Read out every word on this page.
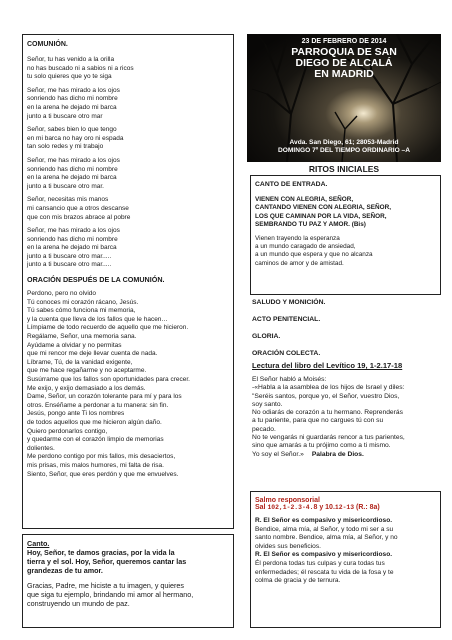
COMUNIÓN.
Señor, tu has venido a la orilla
no has buscado ni a sabios ni a ricos
tu solo quieres que yo te siga
Señor, me has mirado a los ojos
sonriendo has dicho mi nombre
en la arena he dejado mi barca
junto a ti buscare otro mar
Señor, sabes bien lo que tengo
en mi barca no hay oro ni espada
tan solo redes y mi trabajo
Señor, me has mirado a los ojos
sonriendo has dicho mi nombre
en la arena he dejado mi barca
junto a ti buscare otro mar.
Señor, necesitas mis manos
mi cansancio que a otros descanse
que con mis brazos abrace al pobre
Señor, me has mirado a los ojos
sonriendo has dicho mi nombre
en la arena he dejado mi barca
junto a ti buscare otro mar.....
junto a ti buscare otro mar.....
ORACIÓN DESPUÉS DE LA COMUNIÓN.
Perdono, pero no olvido
Tú conoces mi corazón rácano, Jesús.
Tú sabes cómo funciona mi memoria,
y la cuenta que lleva de los fallos que le hacen…
Límpiame de todo recuerdo de aquello que me hicieron.
Regálame, Señor, una memoria sana.
Ayúdame a olvidar y no permitas
que mi rencor me deje llevar cuenta de nada.
Líbrame, Tú, de la vanidad exigente,
que me hace regañarme y no aceptarme.
Susúrrame que los fallos son oportunidades para crecer.
Me exijo, y exijo demasiado a los demás.
Dame, Señor, un corazón tolerante para mí y para los
otros. Enséñame a perdonar a tu manera: sin fin.
Jesús, pongo ante Ti los nombres
de todos aquellos que me hicieron algún daño.
Quiero perdonarlos contigo,
y quedarme con el corazón limpio de memorias
dolientes.
Me perdono contigo por mis fallos, mis desaciertos,
mis prisas, mis malos humores, mi falta de risa.
Siento, Señor, que eres perdón y que me envuelves.
Canto.
Hoy, Señor, te damos gracias, por la vida la
tierra y el sol. Hoy, Señor, queremos cantar las
grandezas de tu amor.
Gracias, Padre, me hiciste a tu imagen, y quieres
que siga tu ejemplo, brindando mi amor al hermano,
construyendo un mundo de paz.
23 DE FEBRERO DE 2014
PARROQUIA DE SAN
DIEGO DE ALCALÁ
EN MADRID
Avda. San Diego, 61; 28053-Madrid
DOMINGO 7º DEL TIEMPO ORDINARIO –A
RITOS INICIALES
CANTO DE ENTRADA.
VIENEN CON ALEGRIA, SEÑOR,
CANTANDO VIENEN CON ALEGRIA, SEÑOR,
LOS QUE CAMINAN POR LA VIDA, SEÑOR,
SEMBRANDO TU PAZ Y AMOR. (Bis)
Vienen trayendo la esperanza
a un mundo caragado de ansiedad,
a un mundo que espera y que no alcanza
caminos de amor y de amistad.
SALUDO Y MONICIÓN.
ACTO PENITENCIAL.
GLORIA.
ORACIÓN COLECTA.
Lectura del libro del Levítico 19, 1-2.17-18
El Señor habló a Moisés:
-«Habla a la asamblea de los hijos de Israel y diles:
"Seréis santos, porque yo, el Señor, vuestro Dios,
soy santo.
No odiarás de corazón a tu hermano. Reprenderás
a tu pariente, para que no cargues tú con su
pecado.
No te vengarás ni guardarás rencor a tus parientes,
sino que amarás a tu prójimo como a ti mismo.
Yo soy el Señor.» Palabra de Dios.
Salmo responsorial
Sal 102,1-2.3-4.8 y 10.12-13 (R.: 8a)
R. El Señor es compasivo y misericordioso.
Bendice, alma mía, al Señor, y todo mi ser a su
santo nombre. Bendice, alma mía, al Señor, y no
olvides sus beneficios.
R. El Señor es compasivo y misericordioso.
Él perdona todas tus culpas y cura todas tus
enfermedades; él rescata tu vida de la fosa y te
colma de gracia y de ternura.
